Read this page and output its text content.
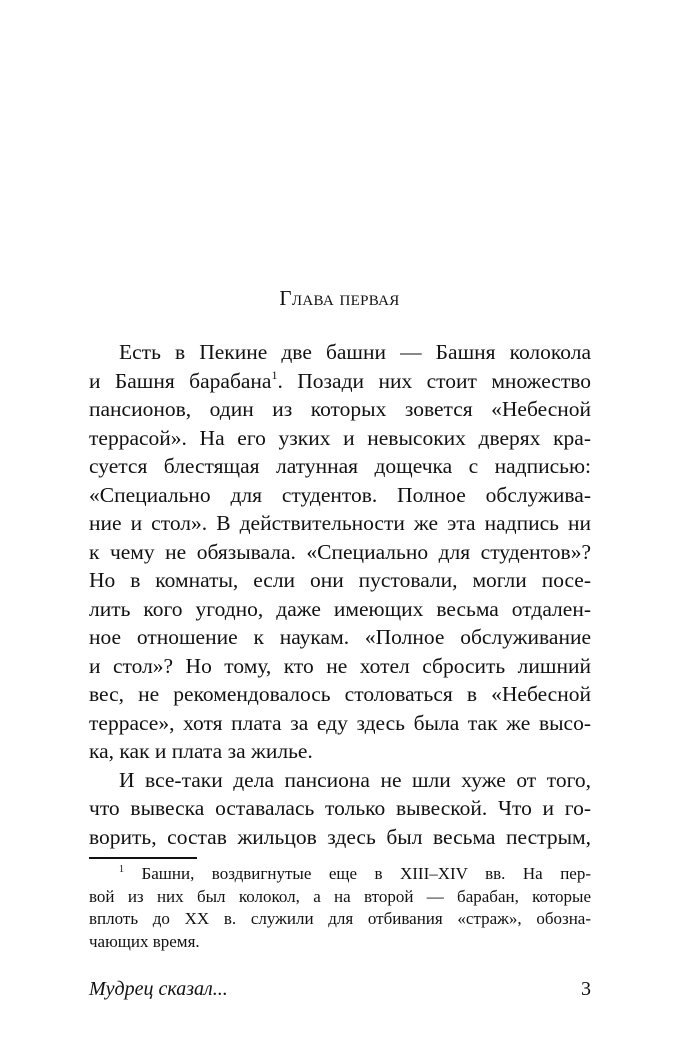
Глава первая
Есть в Пекине две башни — Башня колокола
и Башня барабана$^1$. Позади них стоит множество
пансионов, один из которых зовется «Небесной
террасой». На его узких и невысоких дверях кра-
суется блестящая латунная дощечка с надписью:
«Специально для студентов. Полное обслужива-
ние и стол». В действительности же эта надпись ни
к чему не обязывала. «Специально для студентов»?
Но в комнаты, если они пустовали, могли посе-
лить кого угодно, даже имеющих весьма отдален-
ное отношение к наукам. «Полное обслуживание
и стол»? Но тому, кто не хотел сбросить лишний
вес, не рекомендовалось столоваться в «Небесной
террасе», хотя плата за еду здесь была так же высо-
ка, как и плата за жилье.
И все-таки дела пансиона не шли хуже от того,
что вывеска оставалась только вывеской. Что и го-
ворить, состав жильцов здесь был весьма пестрым,
$^1$ Башни, воздвигнутые еще в XIII–XIV вв. На пер-
вой из них был колокол, а на второй — барабан, которые
вплоть до XX в. служили для отбивания «страж», обозна-
чающих время.
Мудрец сказал...	3
